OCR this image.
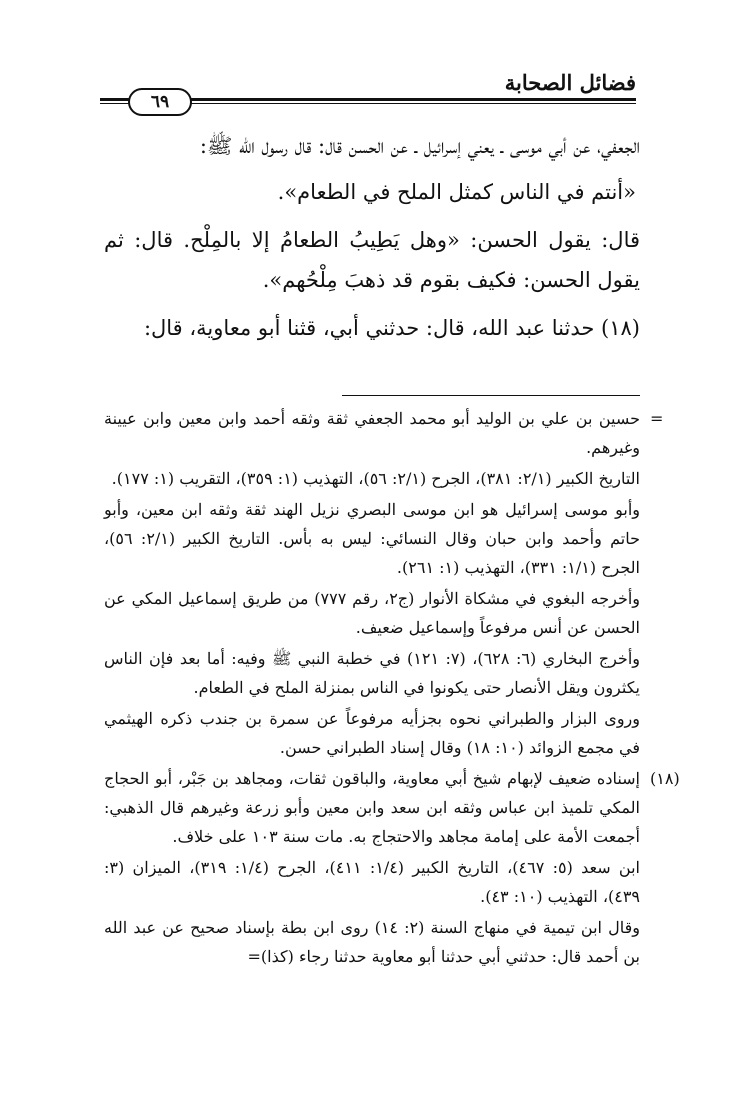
فضائل الصحابة
٦٩

الجعفي، عن أبي موسى ـ يعني إسرائيل ـ عن الحسن قال: قال رسول الله ﷺ:

«أنتم في الناس كمثل الملح في الطعام».

قال: يقول الحسن: «وهل يَطِيبُ الطعامُ إلا بالمِلْح. قال: ثم يقول الحسن: فكيف بقوم قد ذهبَ مِلْحُهم».

(١٨) حدثنا عبد الله، قال: حدثني أبي، قثنا أبو معاوية، قال:

=

حسين بن علي بن الوليد أبو محمد الجعفي ثقة وثقه أحمد وابن معين وابن عيينة وغيرهم.

التاريخ الكبير (٢/١: ٣٨١)، الجرح (٢/١: ٥٦)، التهذيب (١: ٣٥٩)، التقريب (١: ١٧٧).

وأبو موسى إسرائيل هو ابن موسى البصري نزيل الهند ثقة وثقه ابن معين، وأبو حاتم وأحمد وابن حبان وقال النسائي: ليس به بأس. التاريخ الكبير (٢/١: ٥٦)، الجرح (١/١: ٣٣١)، التهذيب (١: ٢٦١).

وأخرجه البغوي في مشكاة الأنوار (ج٢، رقم ٧٧٧) من طريق إسماعيل المكي عن الحسن عن أنس مرفوعاً وإسماعيل ضعيف.

وأخرج البخاري (٦: ٦٢٨)، (٧: ١٢١) في خطبة النبي ﷺ وفيه: أما بعد فإن الناس يكثرون ويقل الأنصار حتى يكونوا في الناس بمنزلة الملح في الطعام.

وروى البزار والطبراني نحوه بجزأيه مرفوعاً عن سمرة بن جندب ذكره الهيثمي في مجمع الزوائد (١٠: ١٨) وقال إسناد الطبراني حسن.

(١٨)

إسناده ضعيف لإبهام شيخ أبي معاوية، والباقون ثقات، ومجاهد بن جَبْر، أبو الحجاج المكي تلميذ ابن عباس وثقه ابن سعد وابن معين وأبو زرعة وغيرهم قال الذهبي: أجمعت الأمة على إمامة مجاهد والاحتجاج به. مات سنة ١٠٣ على خلاف.

ابن سعد (٥: ٤٦٧)، التاريخ الكبير (١/٤: ٤١١)، الجرح (١/٤: ٣١٩)، الميزان (٣: ٤٣٩)، التهذيب (١٠: ٤٣).

وقال ابن تيمية في منهاج السنة (٢: ١٤) روى ابن بطة بإسناد صحيح عن عبد الله بن أحمد قال: حدثني أبي حدثنا أبو معاوية حدثنا رجاء (كذا)=
